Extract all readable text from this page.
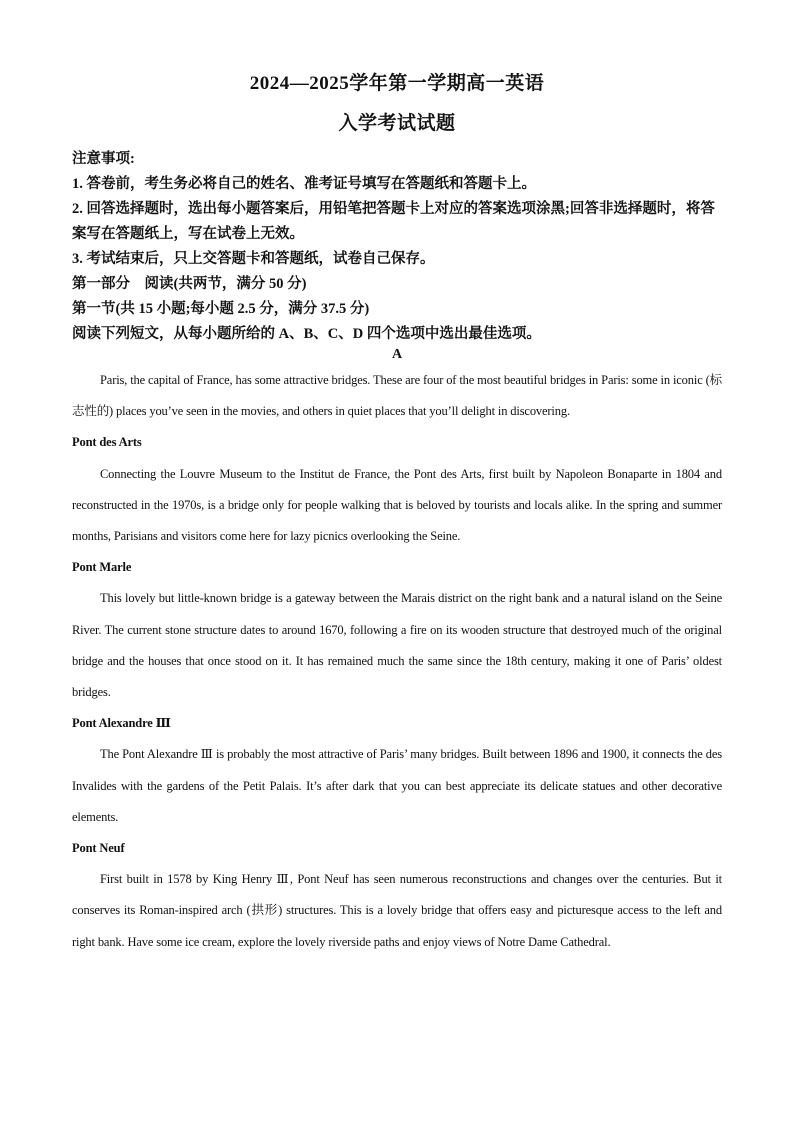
2024—2025学年第一学期高一英语
入学考试试题

注意事项:

1. 答卷前，考生务必将自己的姓名、准考证号填写在答题纸和答题卡上。

2. 回答选择题时，选出每小题答案后，用铅笔把答题卡上对应的答案选项涂黑;回答非选择题时，将答案写在答题纸上，写在试卷上无效。

3. 考试结束后，只上交答题卡和答题纸，试卷自己保存。

第一部分　阅读(共两节，满分 50 分)

第一节(共 15 小题;每小题 2.5 分，满分 37.5 分)

阅读下列短文，从每小题所给的 A、B、C、D 四个选项中选出最佳选项。

A

Paris, the capital of France, has some attractive bridges. These are four of the most beautiful bridges in Paris: some in iconic (标志性的) places you’ve seen in the movies, and others in quiet places that you’ll delight in discovering.

Pont des Arts

Connecting the Louvre Museum to the Institut de France, the Pont des Arts, first built by Napoleon Bonaparte in 1804 and reconstructed in the 1970s, is a bridge only for people walking that is beloved by tourists and locals alike. In the spring and summer months, Parisians and visitors come here for lazy picnics overlooking the Seine.

Pont Marle

This lovely but little-known bridge is a gateway between the Marais district on the right bank and a natural island on the Seine River. The current stone structure dates to around 1670, following a fire on its wooden structure that destroyed much of the original bridge and the houses that once stood on it. It has remained much the same since the 18th century, making it one of Paris’ oldest bridges.

Pont Alexandre Ⅲ

The Pont Alexandre Ⅲ is probably the most attractive of Paris’ many bridges. Built between 1896 and 1900, it connects the des Invalides with the gardens of the Petit Palais. It’s after dark that you can best appreciate its delicate statues and other decorative elements.

Pont Neuf

First built in 1578 by King Henry Ⅲ, Pont Neuf has seen numerous reconstructions and changes over the centuries. But it conserves its Roman-inspired arch (拱形) structures. This is a lovely bridge that offers easy and picturesque access to the left and right bank. Have some ice cream, explore the lovely riverside paths and enjoy views of Notre Dame Cathedral.
